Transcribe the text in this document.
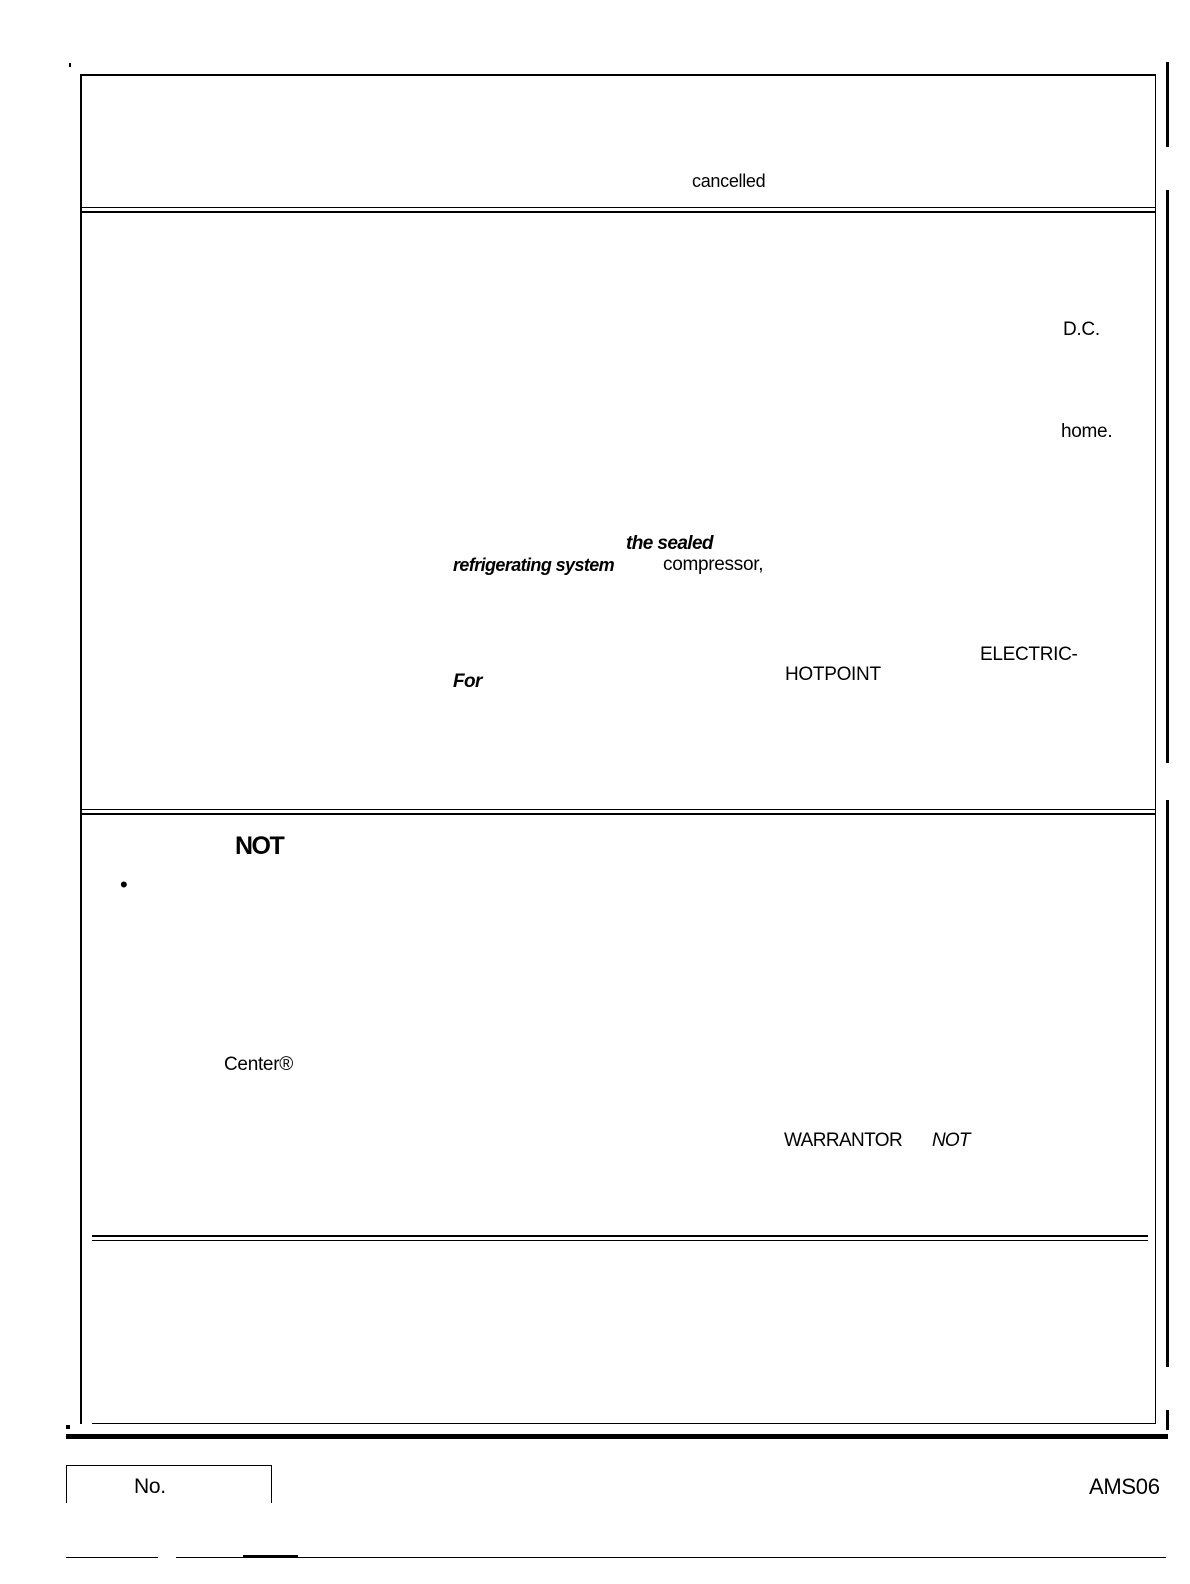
cancelled
D.C.
home.
the sealed
refrigerating system	compressor,
ELECTRIC-
For	HOTPOINT
NOT
•
Center®
WARRANTOR NOT
No.	AMS06
